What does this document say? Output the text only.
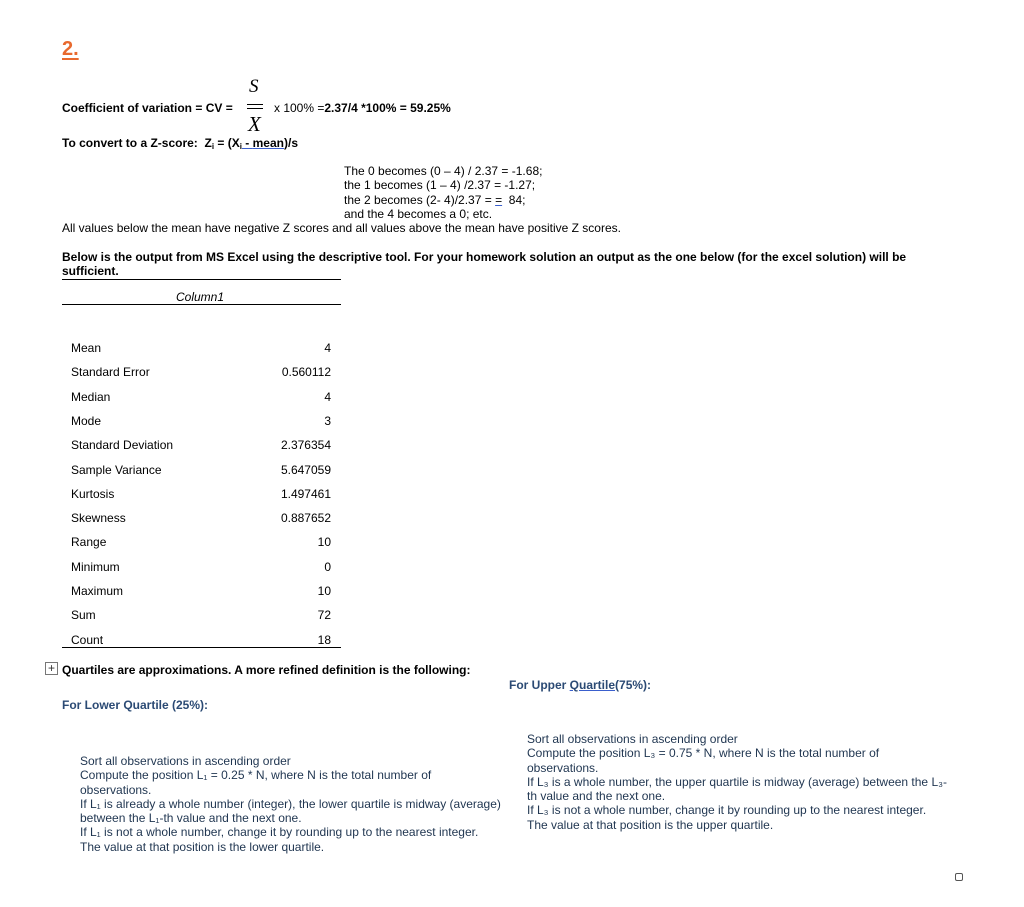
2.
Coefficient of variation = CV =
S
X
x 100% =2.37/4 *100% = 59.25%
To convert to a Z-score: $Z_i = (X_i$ - mean)/s
The 0 becomes (0 – 4) / 2.37 = -1.68;
the 1 becomes (1 – 4) /2.37 = -1.27;
the 2 becomes (2- 4)/2.37 = = 84;
and the 4 becomes a 0; etc.
All values below the mean have negative Z scores and all values above the mean have positive Z scores.
Below is the output from MS Excel using the descriptive tool. For your homework solution an output as the one below (for the excel solution) will be sufficient.
Column1
Mean	4
Standard Error	0.560112
Median	4
Mode	3
Standard Deviation	2.376354
Sample Variance	5.647059
Kurtosis	1.497461
Skewness	0.887652
Range	10
Minimum	0
Maximum	10
Sum	72
Count	18
+ Quartiles are approximations. A more refined definition is the following:
For Upper Quartile(75%):
For Lower Quartile (25%):
Sort all observations in ascending order
Compute the position L₃ = 0.75 * N, where N is the total number of observations.
If L₃ is a whole number, the upper quartile is midway (average) between the L₃-th value and the next one.
If L₃ is not a whole number, change it by rounding up to the nearest integer.
The value at that position is the upper quartile.
Sort all observations in ascending order
Compute the position L₁ = 0.25 * N, where N is the total number of observations.
If L₁ is already a whole number (integer), the lower quartile is midway (average) between the L₁-th value and the next one.
If L₁ is not a whole number, change it by rounding up to the nearest integer.
The value at that position is the lower quartile.
